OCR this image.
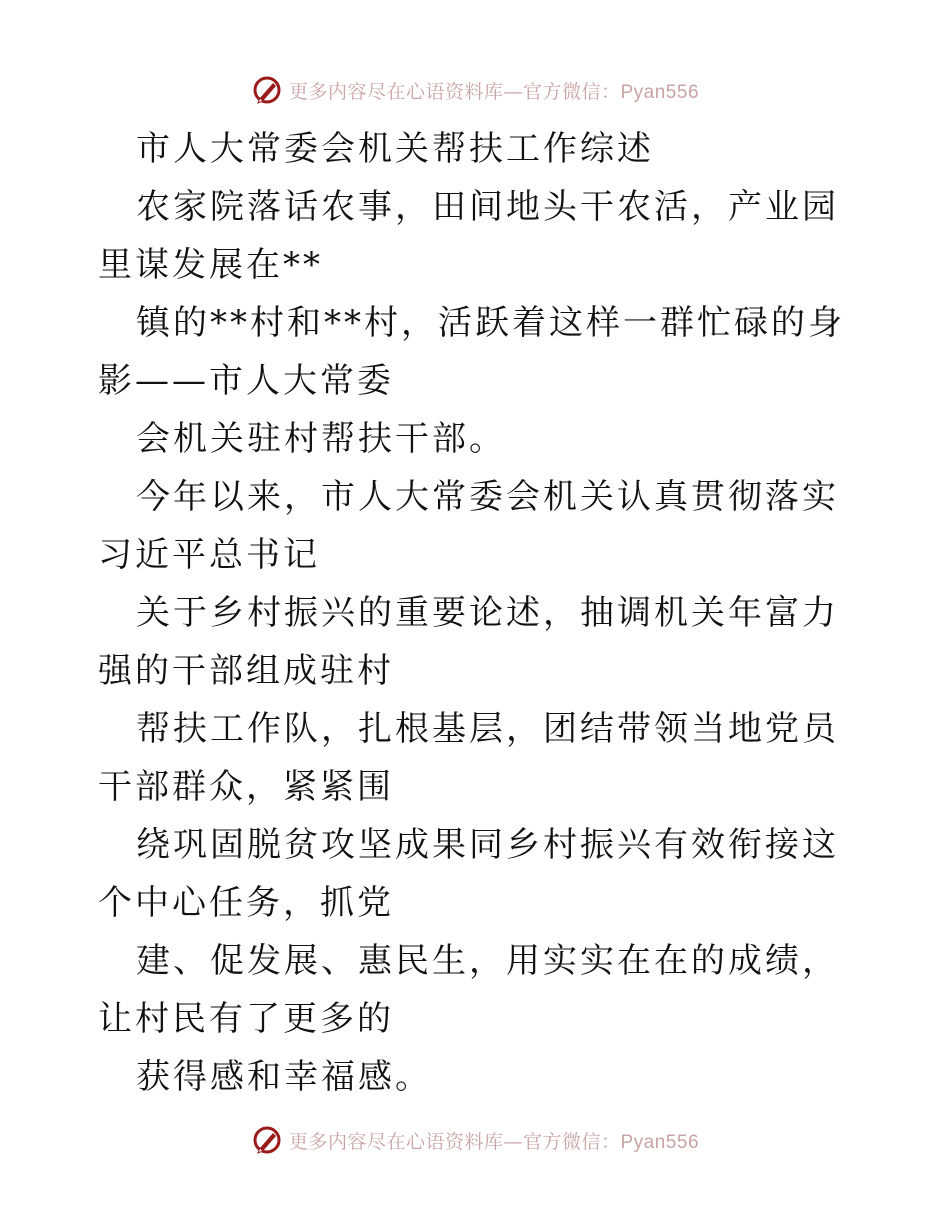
更多内容尽在心语资料库—官方微信：Pyan556

市人大常委会机关帮扶工作综述

农家院落话农事，田间地头干农活，产业园里谋发展在**

镇的**村和**村，活跃着这样一群忙碌的身影——市人大常委

会机关驻村帮扶干部。

今年以来，市人大常委会机关认真贯彻落实习近平总书记

关于乡村振兴的重要论述，抽调机关年富力强的干部组成驻村

帮扶工作队，扎根基层，团结带领当地党员干部群众，紧紧围

绕巩固脱贫攻坚成果同乡村振兴有效衔接这个中心任务，抓党

建、促发展、惠民生，用实实在在的成绩，让村民有了更多的

获得感和幸福感。

更多内容尽在心语资料库—官方微信：Pyan556
